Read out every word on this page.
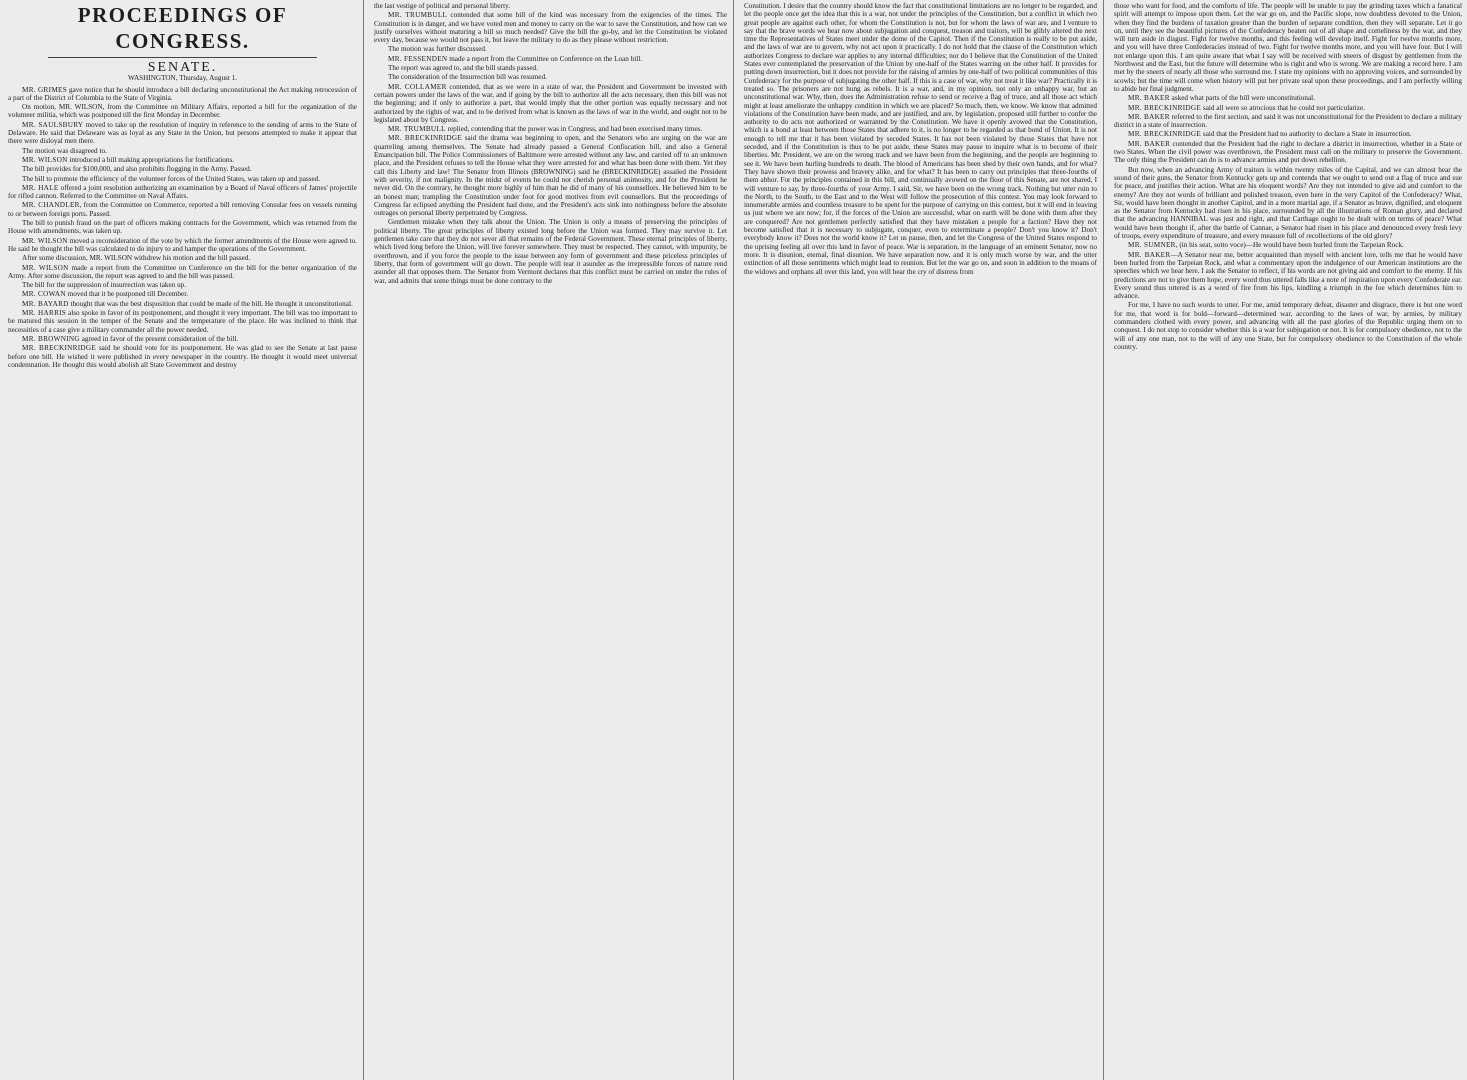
PROCEEDINGS OF CONGRESS.
SENATE.
WASHINGTON, Thursday, August 1.

MR. GRIMES gave notice that he should introduce a bill declaring unconstitutional the Act making retrocession of a part of the District of Columbia to the State of Virginia.

On motion, MR. WILSON, from the Committee on Military Affairs, reported a bill for the organization of the volunteer militia, which was postponed till the first Monday in December.

MR. SAULSBURY moved to take up the resolution of inquiry in reference to the sending of arms to the State of Delaware. He said that Delaware was as loyal as any State in the Union, but persons attempted to make it appear that there were disloyal men there.

The motion was disagreed to.

MR. WILSON introduced a bill making appropriations for fortifications.

The bill provides for $100,000, and also prohibits flogging in the Army. Passed.

The bill to promote the efficiency of the volunteer forces of the United States, was taken up and passed.

MR. HALE offered a joint resolution authorizing an examination by a Board of Naval officers of James' projectile for rifled cannon. Referred to the Committee on Naval Affairs.

MR. CHANDLER, from the Committee on Commerce, reported a bill removing Consular fees on vessels running to or between foreign ports. Passed.

The bill to punish fraud on the part of officers making contracts for the Government, which was returned from the House with amendments, was taken up.

MR. WILSON moved a reconsideration of the vote by which the former amendments of the House were agreed to. He said he thought the bill was calculated to do injury to and hamper the operations of the Government.

After some discussion, MR. WILSON withdrew his motion and the bill passed.

MR. WILSON made a report from the Committee on Conference on the bill for the better organization of the Army. After some discussion, the report was agreed to and the bill was passed.

The bill for the suppression of insurrection was taken up.

MR. COWAN moved that it be postponed till December.

MR. BAYARD thought that was the best disposition that could be made of the bill. He thought it unconstitutional.

MR. HARRIS also spoke in favor of its postponement, and thought it very important. The bill was too important to be matured this session in the temper of the Senate and the temperature of the place. He was inclined to think that necessities of a case give a military commander all the power needed.

MR. BROWNING agreed in favor of the present consideration of the bill.

MR. BRECKINRIDGE said he should vote for its postponement. He was glad to see the Senate at last pause before one bill. He wished it were published in every newspaper in the country. He thought it would meet universal condemnation. He thought this would abolish all State Government and destroy

the last vestige of political and personal liberty.

MR. TRUMBULL contended that some bill of the kind was necessary from the exigencies of the times. The Constitution is in danger, and we have voted men and money to carry on the war to save the Constitution, and how can we justify ourselves without maturing a bill so much needed? Give the bill the go-by, and let the Constitution be violated every day, because we would not pass it, but leave the military to do as they please without restriction.

The motion was further discussed.

MR. FESSENDEN made a report from the Committee on Conference on the Loan bill.

The report was agreed to, and the bill stands passed.

The consideration of the Insurrection bill was resumed.

MR. COLLAMER contended, that as we were in a state of war, the President and Government be invested with certain powers under the laws of the war, and if going by the bill to authorize all the acts necessary, then this bill was not the beginning; and if only to authorize a part, that would imply that the other portion was equally necessary and not authorized by the rights of war, and to be derived from what is known as the laws of war in the world, and ought not to be legislated about by Congress.

MR. TRUMBULL replied, contending that the power was in Congress, and had been exercised many times.

MR. BRECKINRIDGE said the drama was beginning to open, and the Senators who are urging on the war are quarreling among themselves. The Senate had already passed a General Confiscation bill, and also a General Emancipation bill. The Police Commissioners of Baltimore were arrested without any law, and carried off to an unknown place, and the President refuses to tell the House what they were arrested for and what has been done with them. Yet they call this Liberty and law! The Senator from Illinois (BROWNING) said he (BRECKINRIDGE) assailed the President with severity, if not malignity. In the midst of events he could not cherish personal animosity, and for the President he never did. On the contrary, he thought more highly of him than he did of many of his counsellors. He believed him to be an honest man; trampling the Constitution under foot for good motives from evil counsellors. But the proceedings of Congress far eclipsed anything the President had done, and the President's acts sink into nothingness before the absolute outrages on personal liberty perpetrated by Congress.

Gentlemen mistake when they talk about the Union. The Union is only a means of preserving the principles of political liberty. The great principles of liberty existed long before the Union was formed. They may survive it. Let gentlemen take care that they do not sever all that remains of the Federal Government. These eternal principles of liberty, which lived long before the Union, will live forever somewhere. They must be respected. They cannot, with impunity, be overthrown, and if you force the people to the issue between any form of government and these priceless principles of liberty, that form of government will go down. The people will tear it asunder as the irrepressible forces of nature rend asunder all that opposes them. The Senator from Vermont declares that this conflict must be carried on under the rules of war, and admits that some things must be done contrary to the

Constitution. I desire that the country should know the fact that constitutional limitations are no longer to be regarded, and let the people once get the idea that this is a war, not under the principles of the Constitution, but a conflict in which two great people are against each other, for whom the Constitution is not, but for whom the laws of war are, and I venture to say that the brave words we hear now about subjugation and conquest, treason and traitors, will be glibly altered the next time the Representatives of States meet under the dome of the Capitol. Then if the Constitution is really to be put aside, and the laws of war are to govern, why not act upon it practically. I do not hold that the clause of the Constitution which authorizes Congress to declare war applies to any internal difficulties; nor do I believe that the Constitution of the United States ever contemplated the preservation of the Union by one-half of the States warring on the other half. It provides for putting down insurrection, but it does not provide for the raising of armies by one-half of two political communities of this Confederacy for the purpose of subjugating the other half. If this is a case of war, why not treat it like war? Practically it is treated so. The prisoners are not hung as rebels. It is a war, and, in my opinion, not only an unhappy war, but an unconstitutional war. Why, then, does the Administration refuse to send or receive a flag of truce, and all those act which might at least ameliorate the unhappy condition in which we are placed? So much, then, we know. We know that admitted violations of the Constitution have been made, and are justified, and are, by legislation, proposed still further to confer the authority to do acts not authorized or warranted by the Constitution. We have it openly avowed that the Constitution, which is a bond at least between those States that adhere to it, is no longer to be regarded as that bond of Union. It is not enough to tell me that it has been violated by seceded States. It has not been violated by those States that have not seceded, and if the Constitution is thus to be put aside, these States may pause to inquire what is to become of their liberties. Mr. President, we are on the wrong track and we have been from the beginning, and the people are beginning to see it. We have been hurling hundreds to death. The blood of Americans has been shed by their own hands, and for what? They have shown their prowess and bravery alike, and for what? It has been to carry out principles that three-fourths of them abhor. For the principles contained in this bill, and continually avowed on the floor of this Senate, are not shared, I will venture to say, by three-fourths of your Army. I said, Sir, we have been on the wrong track. Nothing but utter ruin to the North, to the South, to the East and to the West will follow the prosecution of this contest. You may look forward to innumerable armies and countless treasure to be spent for the purpose of carrying on this contest, but it will end in leaving us just where we are now; for, if the forces of the Union are successful, what on earth will be done with them after they are conquered? Are not gentlemen perfectly satisfied that they have mistaken a people for a faction? Have they not become satisfied that it is necessary to subjugate, conquer, even to exterminate a people? Don't you know it? Don't everybody know it? Does not the world know it? Let us pause, then, and let the Congress of the United States respond to the uprising feeling all over this land in favor of peace. War is separation, in the language of an eminent Senator, now no more. It is disunion, eternal, final disunion. We have separation now, and it is only much worse by war, and the utter extinction of all those sentiments which might lead to reunion. But let the war go on, and soon in addition to the moans of the widows and orphans all over this land, you will hear the cry of distress from

those who want for food, and the comforts of life. The people will be unable to pay the grinding taxes which a fanatical spirit will attempt to impose upon them. Let the war go on, and the Pacific slope, now doubtless devoted to the Union, when they find the burdens of taxation greater than the burden of separate condition, then they will separate. Let it go on, until they see the beautiful pictures of the Confederacy beaten out of all shape and comeliness by the war, and they will turn aside in disgust. Fight for twelve months, and this feeling will develop itself. Fight for twelve months more, and you will have three Confederacies instead of two. Fight for twelve months more, and you will have four. But I will not enlarge upon this. I am quite aware that what I say will be received with sneers of disgust by gentlemen from the Northwest and the East, but the future will determine who is right and who is wrong. We are making a record here. I am met by the sneers of nearly all those who surround me. I state my opinions with no approving voices, and surrounded by scowls; but the time will come when history will put her private seal upon these proceedings, and I am perfectly willing to abide her final judgment.

MR. BAKER asked what parts of the bill were unconstitutional.

MR. BRECKINRIDGE said all were so atrocious that he could not particularize.

MR. BAKER referred to the first section, and said it was not unconstitutional for the President to declare a military district in a state of insurrection.

MR. BRECKINRIDGE said that the President had no authority to declare a State in insurrection.

MR. BAKER contended that the President had the right to declare a district in insurrection, whether in a State or two States. When the civil power was overthrown, the President must call on the military to preserve the Government. The only thing the President can do is to advance armies and put down rebellion.

But now, when an advancing Army of traitors is within twenty miles of the Capital, and we can almost hear the sound of their guns, the Senator from Kentucky gets up and contends that we ought to send out a flag of truce and sue for peace, and justifies their action. What are his eloquent words? Are they not intended to give aid and comfort to the enemy? Are they not words of brilliant and polished treason, even here in the very Capitol of the Confederacy? What, Sir, would have been thought in another Capitol, and in a more martial age, if a Senator as brave, dignified, and eloquent as the Senator from Kentucky had risen in his place, surrounded by all the illustrations of Roman glory, and declared that the advancing HANNIBAL was just and right, and that Carthage ought to be dealt with on terms of peace? What would have been thought if, after the battle of Cannae, a Senator had risen in his place and denounced every fresh levy of troops, every expenditure of treasure, and every measure full of recollections of the old glory?

MR. SUMNER, (in his seat, sotto voce)—He would have been hurled from the Tarpeian Rock.

MR. BAKER—A Senator near me, better acquainted than myself with ancient lore, tells me that he would have been hurled from the Tarpeian Rock, and what a commentary upon the indulgence of our American institutions are the speeches which we hear here. I ask the Senator to reflect, if his words are not giving aid and comfort to the enemy. If his predictions are not to give them hope, every word thus uttered falls like a note of inspiration upon every Confederate ear. Every sound thus uttered is as a word of fire from his lips, kindling a triumph in the foe which determines him to advance.

For me, I have no such words to utter. For me, amid temporary defeat, disaster and disgrace, there is but one word for me, that word is for bold—forward—determined war, according to the laws of war, by armies, by military commanders clothed with every power, and advancing with all the past glories of the Republic urging them on to conquest. I do not stop to consider whether this is a war for subjugation or not. It is for compulsory obedience, not to the will of any one man, not to the will of any one State, but for compulsory obedience to the Constitution of the whole country.
